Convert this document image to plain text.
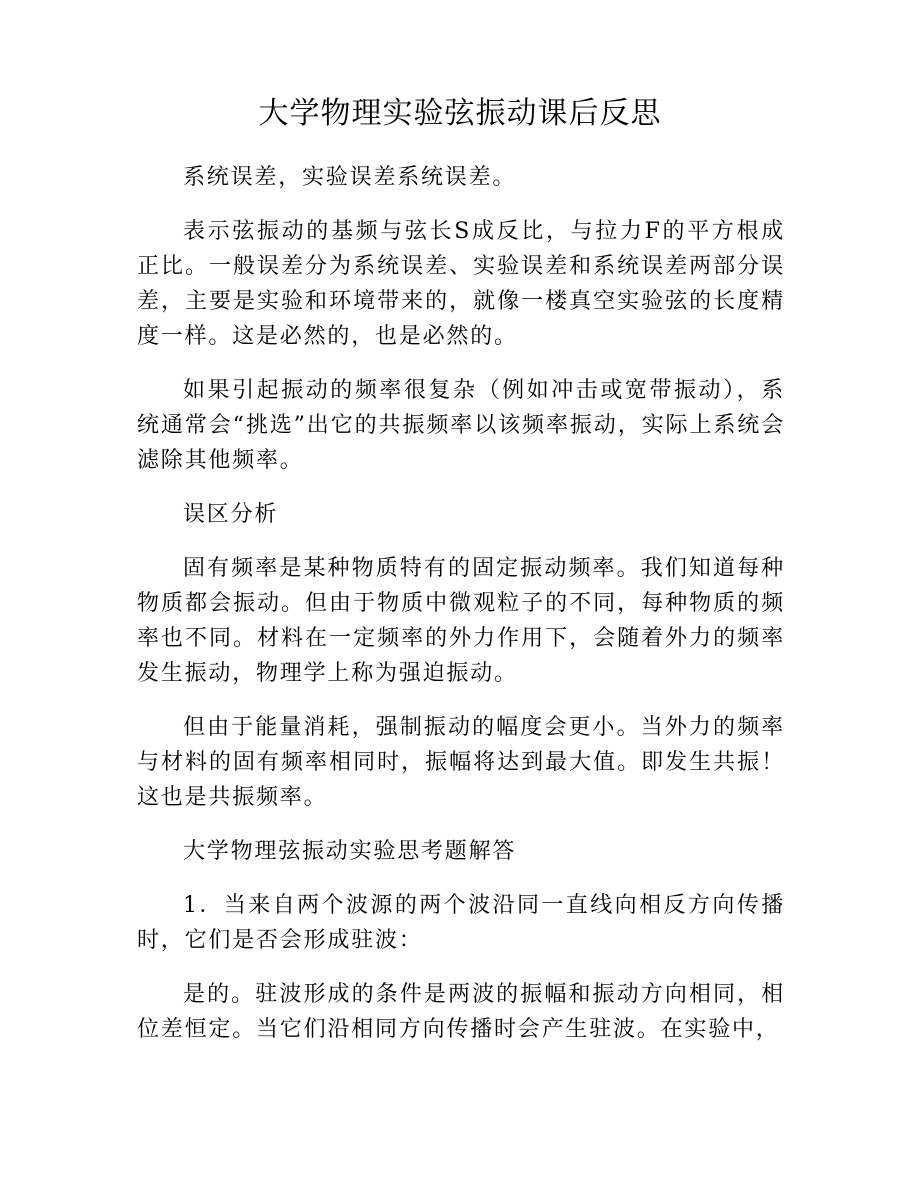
大学物理实验弦振动课后反思

系统误差，实验误差系统误差。

表示弦振动的基频与弦长S成反比，与拉力F的平方根成正比。一般误差分为系统误差、实验误差和系统误差两部分误差，主要是实验和环境带来的，就像一楼真空实验弦的长度精度一样。这是必然的，也是必然的。

如果引起振动的频率很复杂（例如冲击或宽带振动），系统通常会“挑选”出它的共振频率以该频率振动，实际上系统会滤除其他频率。

误区分析

固有频率是某种物质特有的固定振动频率。我们知道每种物质都会振动。但由于物质中微观粒子的不同，每种物质的频率也不同。材料在一定频率的外力作用下，会随着外力的频率发生振动，物理学上称为强迫振动。

但由于能量消耗，强制振动的幅度会更小。当外力的频率与材料的固有频率相同时，振幅将达到最大值。即发生共振！这也是共振频率。

大学物理弦振动实验思考题解答

1．当来自两个波源的两个波沿同一直线向相反方向传播时，它们是否会形成驻波：

是的。驻波形成的条件是两波的振幅和振动方向相同，相位差恒定。当它们沿相同方向传播时会产生驻波。在实验中，
